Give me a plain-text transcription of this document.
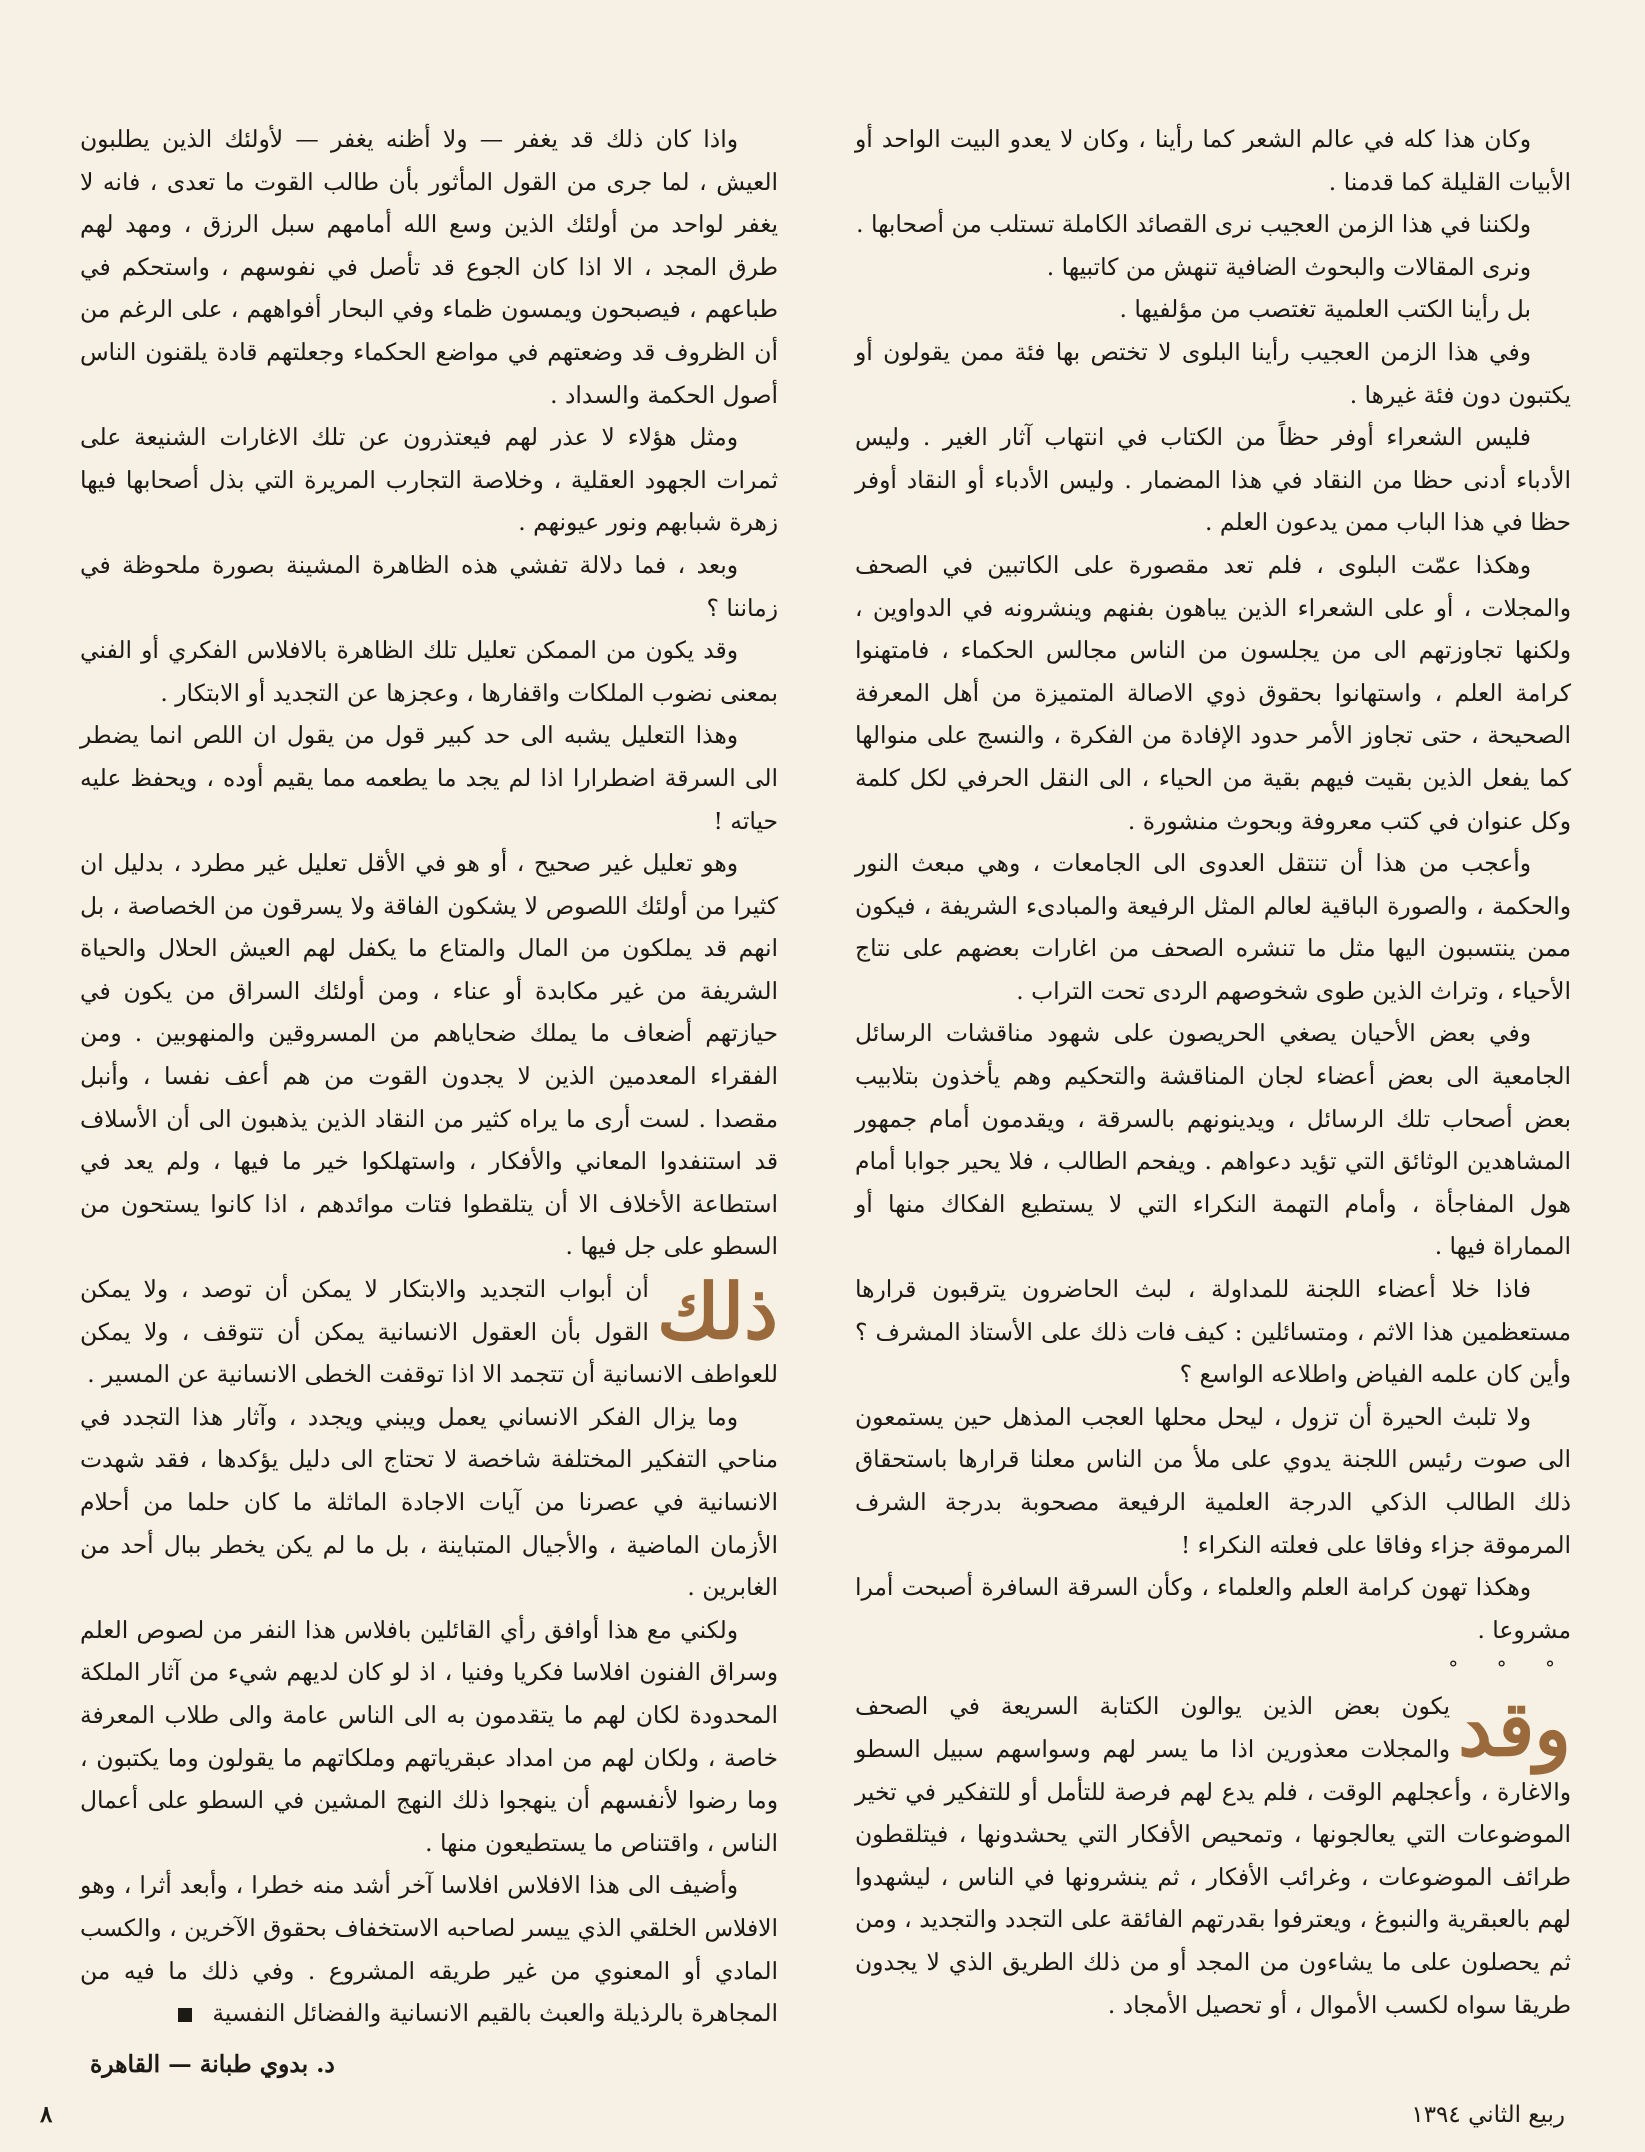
وكان هذا كله في عالم الشعر كما رأينا ، وكان لا يعدو البيت الواحد أو الأبيات القليلة كما قدمنا .

ولكننا في هذا الزمن العجيب نرى القصائد الكاملة تستلب من أصحابها .

ونرى المقالات والبحوث الضافية تنهش من كاتبيها .

بل رأينا الكتب العلمية تغتصب من مؤلفيها .

وفي هذا الزمن العجيب رأينا البلوى لا تختص بها فئة ممن يقولون أو يكتبون دون فئة غيرها .

فليس الشعراء أوفر حظاً من الكتاب في انتهاب آثار الغير . وليس الأدباء أدنى حظا من النقاد في هذا المضمار . وليس الأدباء أو النقاد أوفر حظا في هذا الباب ممن يدعون العلم .

وهكذا عمّت البلوى ، فلم تعد مقصورة على الكاتبين في الصحف والمجلات ، أو على الشعراء الذين يباهون بفنهم وينشرونه في الدواوين ، ولكنها تجاوزتهم الى من يجلسون من الناس مجالس الحكماء ، فامتهنوا كرامة العلم ، واستهانوا بحقوق ذوي الاصالة المتميزة من أهل المعرفة الصحيحة ، حتى تجاوز الأمر حدود الإفادة من الفكرة ، والنسج على منوالها كما يفعل الذين بقيت فيهم بقية من الحياء ، الى النقل الحرفي لكل كلمة وكل عنوان في كتب معروفة وبحوث منشورة .

وأعجب من هذا أن تنتقل العدوى الى الجامعات ، وهي مبعث النور والحكمة ، والصورة الباقية لعالم المثل الرفيعة والمبادىء الشريفة ، فيكون ممن ينتسبون اليها مثل ما تنشره الصحف من اغارات بعضهم على نتاج الأحياء ، وتراث الذين طوى شخوصهم الردى تحت التراب .

وفي بعض الأحيان يصغي الحريصون على شهود مناقشات الرسائل الجامعية الى بعض أعضاء لجان المناقشة والتحكيم وهم يأخذون بتلابيب بعض أصحاب تلك الرسائل ، ويدينونهم بالسرقة ، ويقدمون أمام جمهور المشاهدين الوثائق التي تؤيد دعواهم . ويفحم الطالب ، فلا يحير جوابا أمام هول المفاجأة ، وأمام التهمة النكراء التي لا يستطيع الفكاك منها أو المماراة فيها .

فاذا خلا أعضاء اللجنة للمداولة ، لبث الحاضرون يترقبون قرارها مستعظمين هذا الاثم ، ومتسائلين : كيف فات ذلك على الأستاذ المشرف ؟ وأين كان علمه الفياض واطلاعه الواسع ؟

ولا تلبث الحيرة أن تزول ، ليحل محلها العجب المذهل حين يستمعون الى صوت رئيس اللجنة يدوي على ملأ من الناس معلنا قرارها باستحقاق ذلك الطالب الذكي الدرجة العلمية الرفيعة مصحوبة بدرجة الشرف المرموقة جزاء وفاقا على فعلته النكراء !

وهكذا تهون كرامة العلم والعلماء ، وكأن السرقة السافرة أصبحت أمرا مشروعا .

° ° °

وقد

يكون بعض الذين يوالون الكتابة السريعة في الصحف والمجلات معذورين اذا ما يسر لهم وسواسهم سبيل السطو والاغارة ، وأعجلهم الوقت ، فلم يدع لهم فرصة للتأمل أو للتفكير في تخير الموضوعات التي يعالجونها ، وتمحيص الأفكار التي يحشدونها ، فيتلقطون طرائف الموضوعات ، وغرائب الأفكار ، ثم ينشرونها في الناس ، ليشهدوا لهم بالعبقرية والنبوغ ، ويعترفوا بقدرتهم الفائقة على التجدد والتجديد ، ومن ثم يحصلون على ما يشاءون من المجد أو من ذلك الطريق الذي لا يجدون طريقا سواه لكسب الأموال ، أو تحصيل الأمجاد .

واذا كان ذلك قد يغفر — ولا أظنه يغفر — لأولئك الذين يطلبون العيش ، لما جرى من القول المأثور بأن طالب القوت ما تعدى ، فانه لا يغفر لواحد من أولئك الذين وسع الله أمامهم سبل الرزق ، ومهد لهم طرق المجد ، الا اذا كان الجوع قد تأصل في نفوسهم ، واستحكم في طباعهم ، فيصبحون ويمسون ظماء وفي البحار أفواههم ، على الرغم من أن الظروف قد وضعتهم في مواضع الحكماء وجعلتهم قادة يلقنون الناس أصول الحكمة والسداد .

ومثل هؤلاء لا عذر لهم فيعتذرون عن تلك الاغارات الشنيعة على ثمرات الجهود العقلية ، وخلاصة التجارب المريرة التي بذل أصحابها فيها زهرة شبابهم ونور عيونهم .

وبعد ، فما دلالة تفشي هذه الظاهرة المشينة بصورة ملحوظة في زماننا ؟

وقد يكون من الممكن تعليل تلك الظاهرة بالافلاس الفكري أو الفني بمعنى نضوب الملكات واقفارها ، وعجزها عن التجديد أو الابتكار .

وهذا التعليل يشبه الى حد كبير قول من يقول ان اللص انما يضطر الى السرقة اضطرارا اذا لم يجد ما يطعمه مما يقيم أوده ، ويحفظ عليه حياته !

وهو تعليل غير صحيح ، أو هو في الأقل تعليل غير مطرد ، بدليل ان كثيرا من أولئك اللصوص لا يشكون الفاقة ولا يسرقون من الخصاصة ، بل انهم قد يملكون من المال والمتاع ما يكفل لهم العيش الحلال والحياة الشريفة من غير مكابدة أو عناء ، ومن أولئك السراق من يكون في حيازتهم أضعاف ما يملك ضحاياهم من المسروقين والمنهوبين . ومن الفقراء المعدمين الذين لا يجدون القوت من هم أعف نفسا ، وأنبل مقصدا . لست أرى ما يراه كثير من النقاد الذين يذهبون الى أن الأسلاف قد استنفدوا المعاني والأفكار ، واستهلكوا خير ما فيها ، ولم يعد في استطاعة الأخلاف الا أن يتلقطوا فتات موائدهم ، اذا كانوا يستحون من السطو على جل فيها .

ذلك

أن أبواب التجديد والابتكار لا يمكن أن توصد ، ولا يمكن القول بأن العقول الانسانية يمكن أن تتوقف ، ولا يمكن للعواطف الانسانية أن تتجمد الا اذا توقفت الخطى الانسانية عن المسير .

وما يزال الفكر الانساني يعمل ويبني ويجدد ، وآثار هذا التجدد في مناحي التفكير المختلفة شاخصة لا تحتاج الى دليل يؤكدها ، فقد شهدت الانسانية في عصرنا من آيات الاجادة الماثلة ما كان حلما من أحلام الأزمان الماضية ، والأجيال المتباينة ، بل ما لم يكن يخطر ببال أحد من الغابرين .

ولكني مع هذا أوافق رأي القائلين بافلاس هذا النفر من لصوص العلم وسراق الفنون افلاسا فكريا وفنيا ، اذ لو كان لديهم شيء من آثار الملكة المحدودة لكان لهم ما يتقدمون به الى الناس عامة والى طلاب المعرفة خاصة ، ولكان لهم من امداد عبقرياتهم وملكاتهم ما يقولون وما يكتبون ، وما رضوا لأنفسهم أن ينهجوا ذلك النهج المشين في السطو على أعمال الناس ، واقتناص ما يستطيعون منها .

وأضيف الى هذا الافلاس افلاسا آخر أشد منه خطرا ، وأبعد أثرا ، وهو الافلاس الخلقي الذي ييسر لصاحبه الاستخفاف بحقوق الآخرين ، والكسب المادي أو المعنوي من غير طريقه المشروع . وفي ذلك ما فيه من المجاهرة بالرذيلة والعبث بالقيم الانسانية والفضائل النفسية

د. بدوي طبانة — القاهرة

ربيع الثاني ١٣٩٤
٨
